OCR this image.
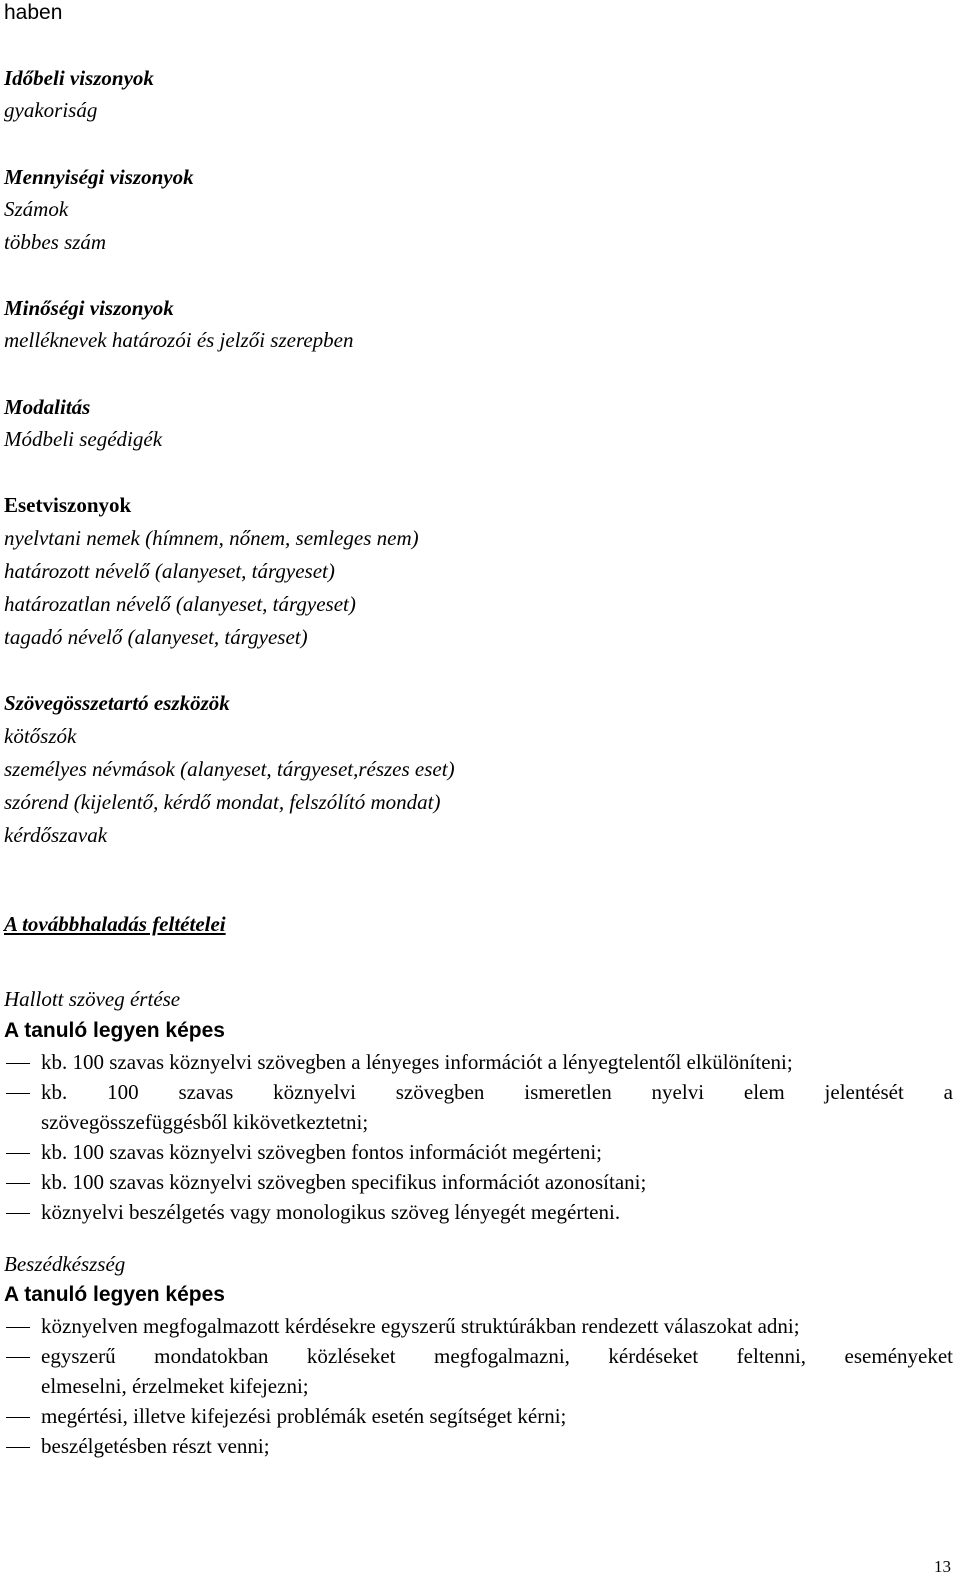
haben
Időbeli viszonyok
gyakoriság
Mennyiségi viszonyok
Számok
többes szám
Minőségi viszonyok
melléknevek határozói és jelzői szerepben
Modalitás
Módbeli segédigék
Esetviszonyok
nyelvtani nemek (hímnem, nőnem, semleges nem)
határozott névelő (alanyeset, tárgyeset)
határozatlan névelő (alanyeset, tárgyeset)
tagadó névelő (alanyeset, tárgyeset)
Szövegösszetartó eszközök
kötőszók
személyes névmások (alanyeset, tárgyeset,részes eset)
szórend (kijelentő, kérdő mondat, felszólító mondat)
kérdőszavak
A továbbhaladás feltételei
Hallott szöveg értése
A tanuló legyen képes
kb. 100 szavas köznyelvi szövegben a lényeges információt a lényegtelentől elkülöníteni;
kb. 100 szavas köznyelvi szövegben ismeretlen nyelvi elem jelentését a
szövegösszefüggésből kikövetkeztetni;
kb. 100 szavas köznyelvi szövegben fontos információt megérteni;
kb. 100 szavas köznyelvi szövegben specifikus információt azonosítani;
köznyelvi beszélgetés vagy monologikus szöveg lényegét megérteni.
Beszédkészség
A tanuló legyen képes
köznyelven megfogalmazott kérdésekre egyszerű struktúrákban rendezett válaszokat adni;
egyszerű mondatokban közléseket megfogalmazni, kérdéseket feltenni, eseményeket
elmeselni, érzelmeket kifejezni;
megértési, illetve kifejezési problémák esetén segítséget kérni;
beszélgetésben részt venni;
13
